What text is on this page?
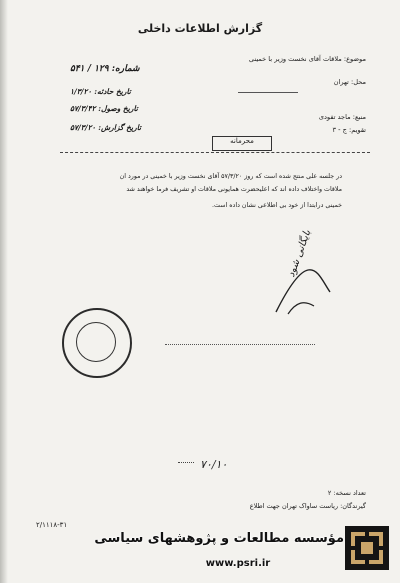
گزارش اطلاعات داخلی
موضوع: ملاقات آقای نخست وزیر با خمینی
محل: تهران
منبع: ماجد تفودی
تقویم: ج - ۳
شماره: ۱۲۹ / ۵۴۱
تاریخ حادثه: ۱/۳/۲۰
تاریخ وصول: ۵۷/۳/۴۲
تاریخ گزارش: ۵۷/۳/۲۰
محرمانه
در جلسه علی منتج شده است که روز ۵۷/۳/۲۰ آقای نخست وزیر با خمینی در مورد ان
ملاقات واختلاف داده اند که اعلیحضرت همایونی ملاقات او تشریف فرما خواهند شد
خمینی درابتدا از خود بی اطلاعی نشان داده است.
بایگانی شود
۷۰/۱۰
تعداد نسخه: ۲
گیرندگان: ریاست ساواک تهران جهت اطلاع
۲/۱۱۱۸-۳۱
مؤسسه مطالعات و پژوهشهای سیاسی
www.psri.ir
